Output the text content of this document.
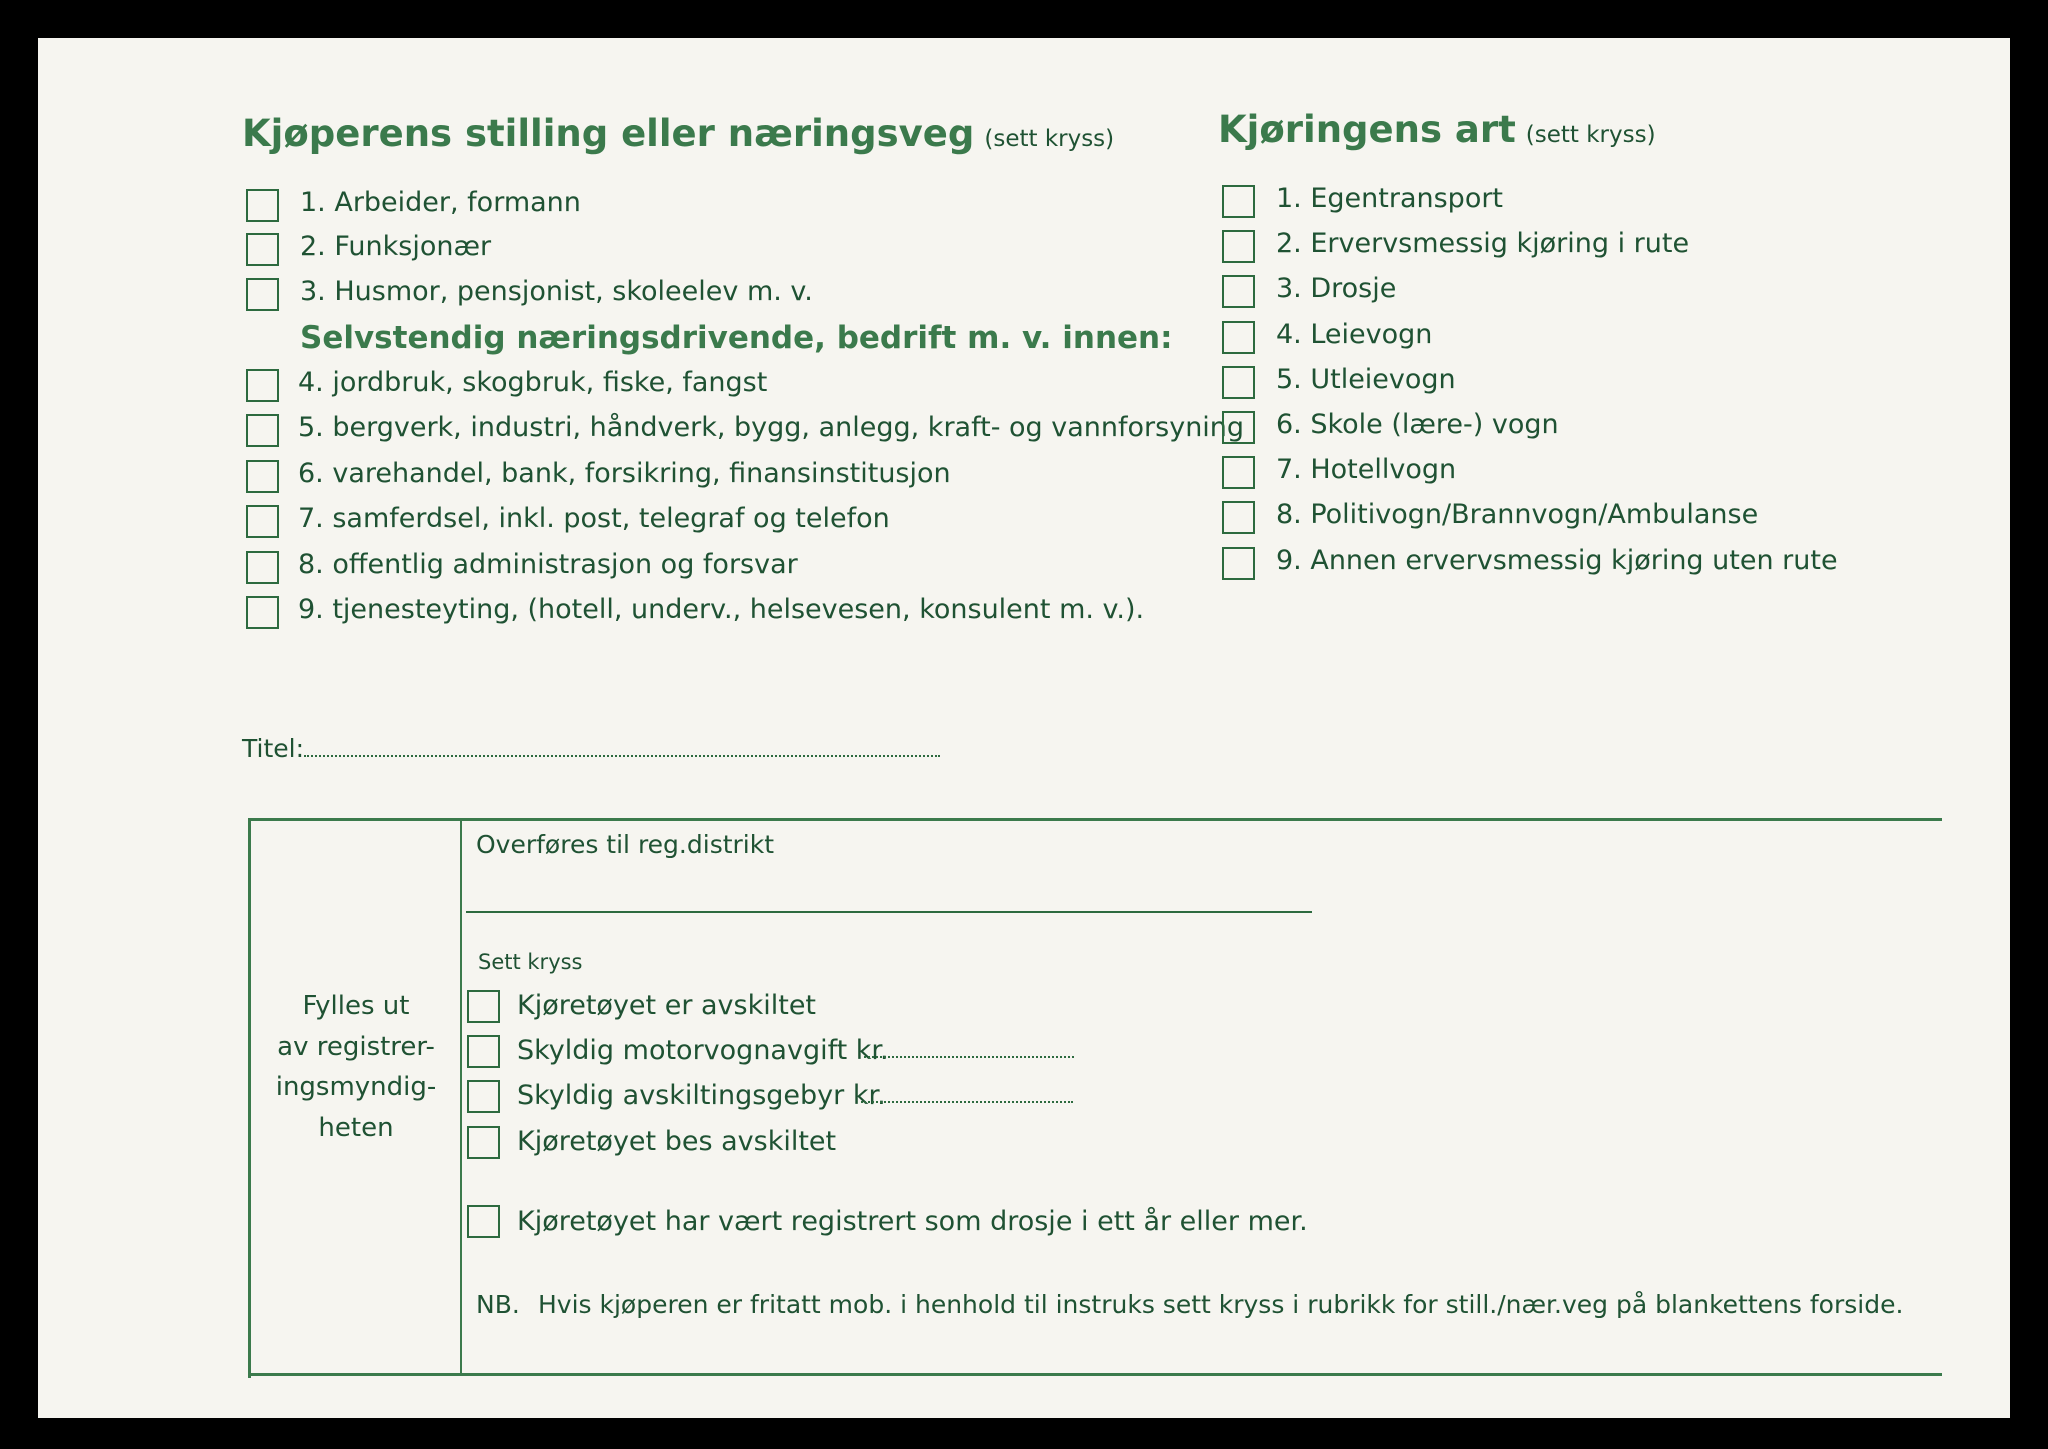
Kjøperens stilling eller næringsveg (sett kryss)	Kjøringens art (sett kryss)
1. Arbeider, formann
2. Funksjonær
3. Husmor, pensjonist, skoleelev m. v.
Selvstendig næringsdrivende, bedrift m. v. innen:
4. jordbruk, skogbruk, fiske, fangst
5. bergverk, industri, håndverk, bygg, anlegg, kraft- og vannforsyning
6. varehandel, bank, forsikring, finansinstitusjon
7. samferdsel, inkl. post, telegraf og telefon
8. offentlig administrasjon og forsvar
9. tjenesteyting, (hotell, underv., helsevesen, konsulent m. v.).
1. Egentransport
2. Ervervsmessig kjøring i rute
3. Drosje
4. Leievogn
5. Utleievogn
6. Skole (lære-) vogn
7. Hotellvogn
8. Politivogn/Brannvogn/Ambulanse
9. Annen ervervsmessig kjøring uten rute
Titel:
Fylles ut
av registrer-
ingsmyndig-
heten
Overføres til reg.distrikt
Sett kryss
Kjøretøyet er avskiltet
Skyldig motorvognavgift kr.
Skyldig avskiltingsgebyr kr.
Kjøretøyet bes avskiltet
Kjøretøyet har vært registrert som drosje i ett år eller mer.
NB. Hvis kjøperen er fritatt mob. i henhold til instruks sett kryss i rubrikk for still./nær.veg på blankettens forside.
